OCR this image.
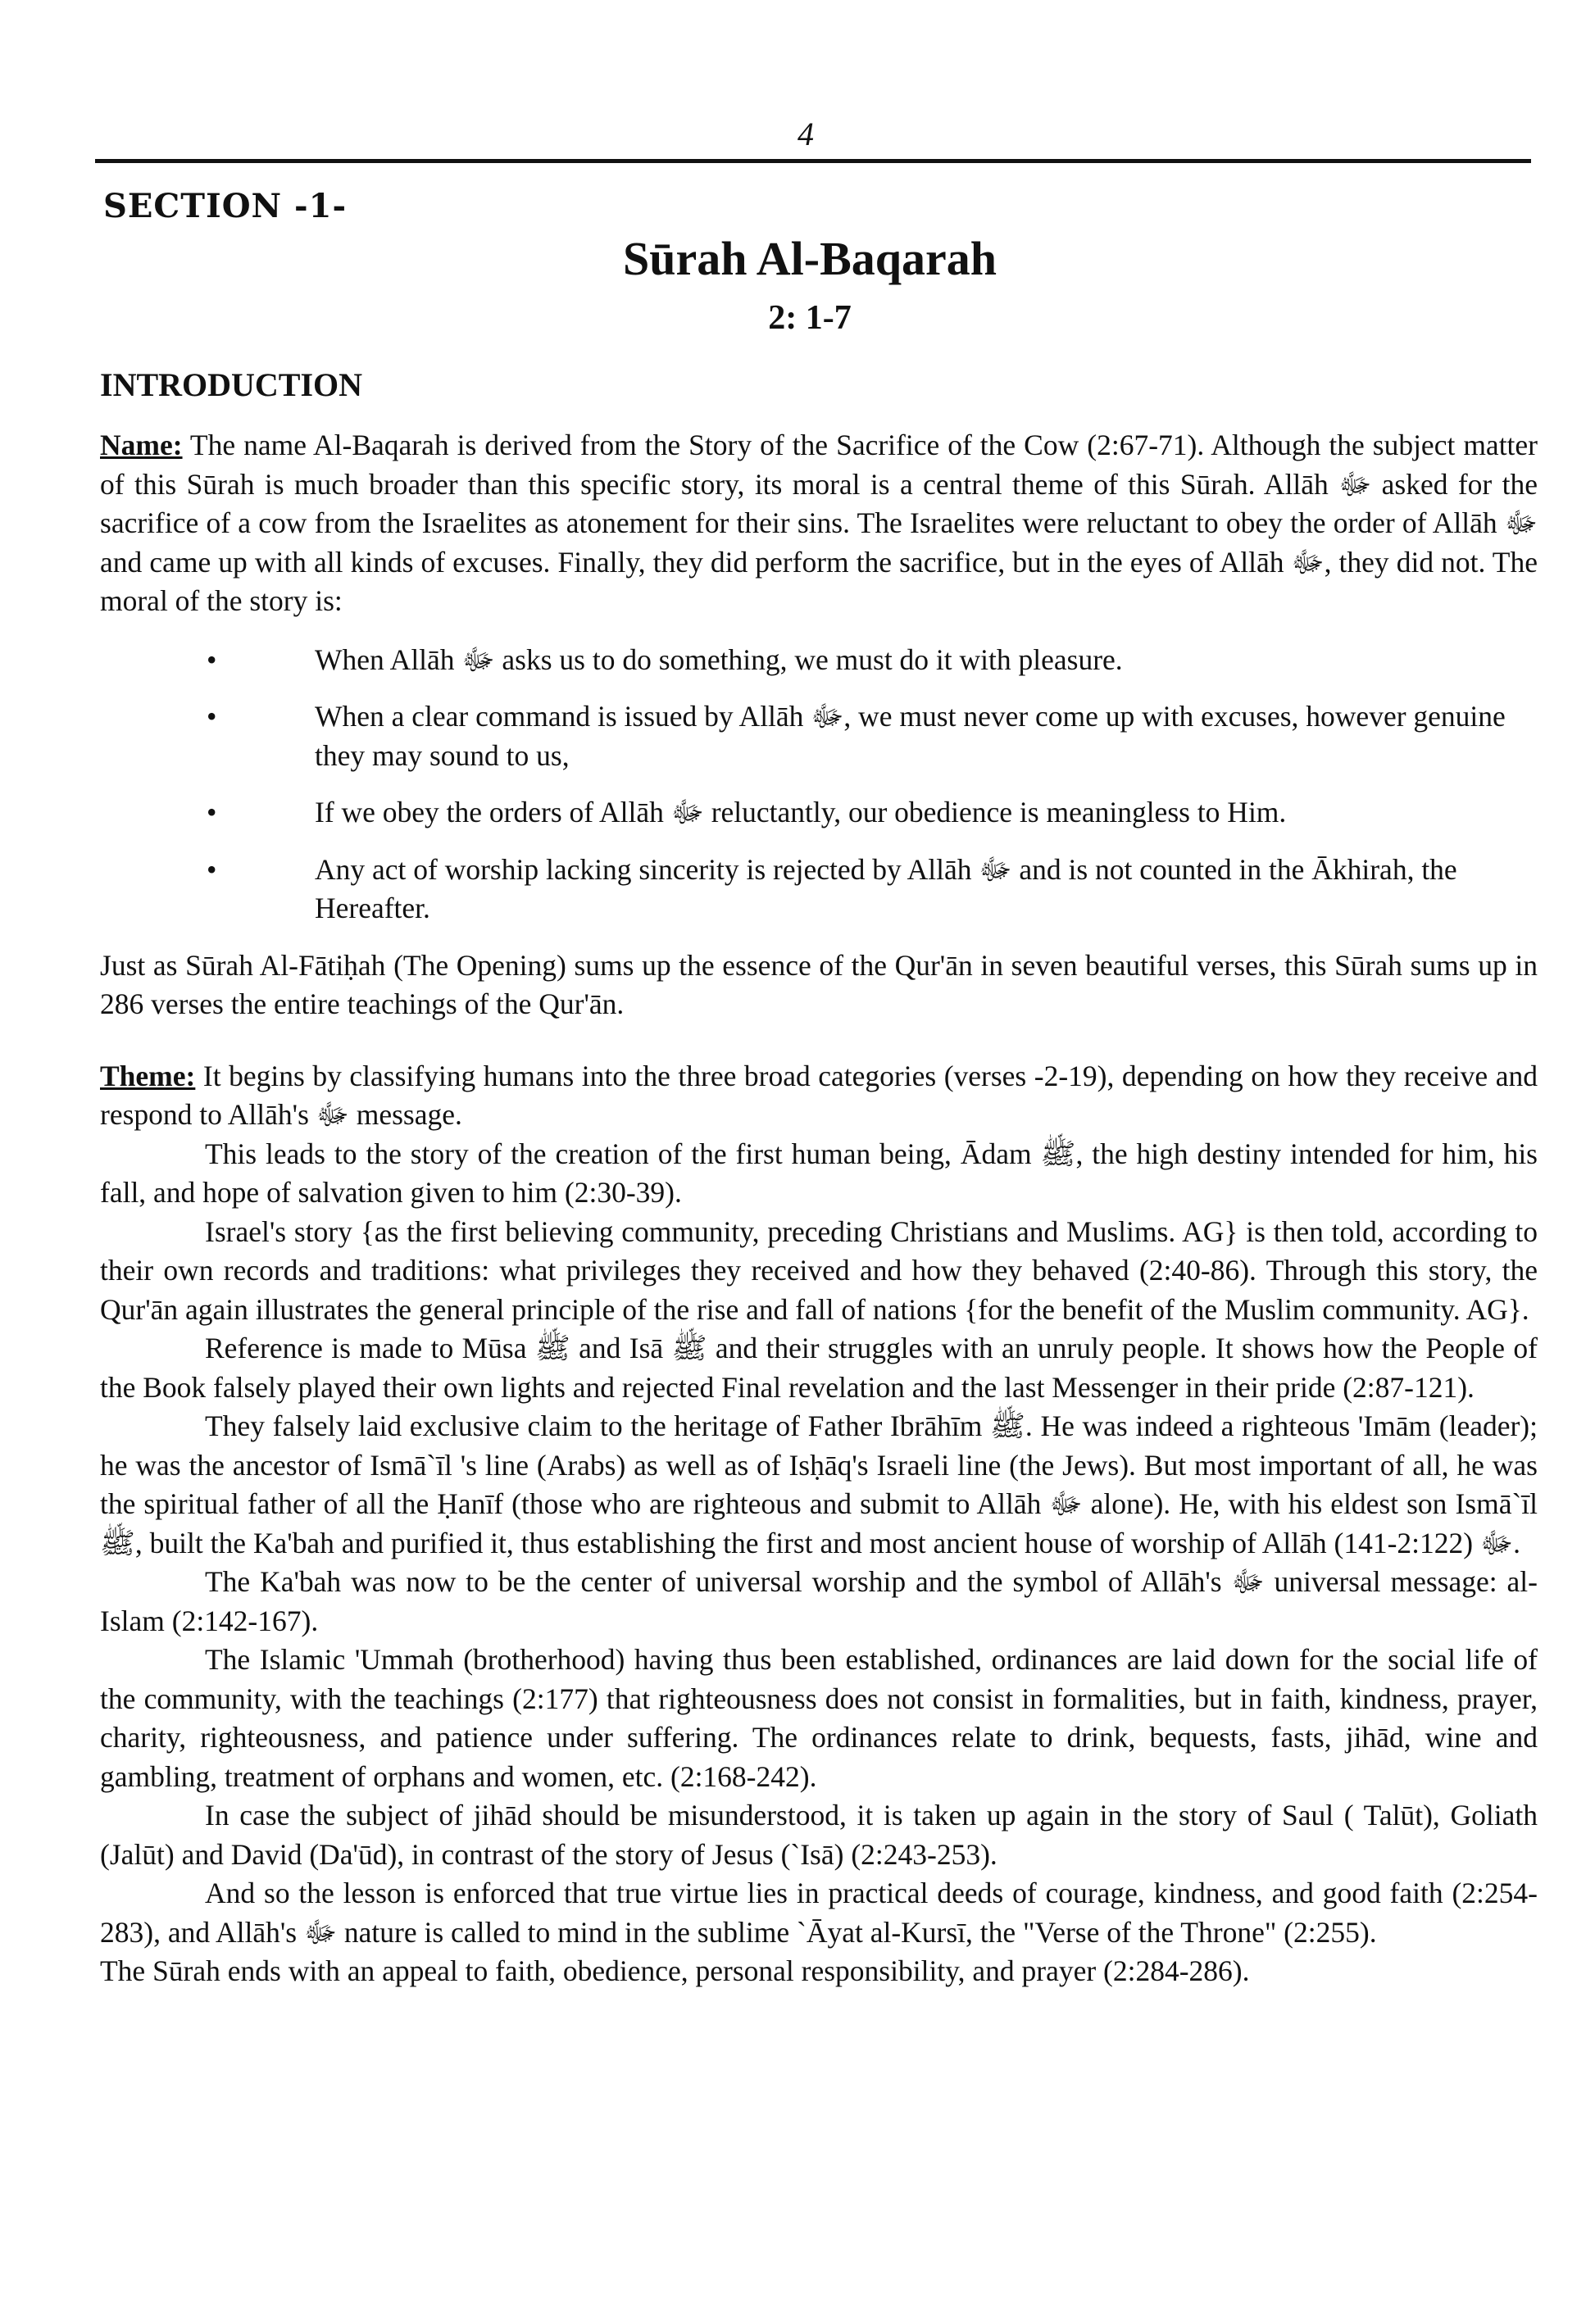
4
SECTION -1-
Sūrah Al-Baqarah
2: 1-7
INTRODUCTION

Name: The name Al-Baqarah is derived from the Story of the Sacrifice of the Cow (2:67-71). Although the subject matter of this Sūrah is much broader than this specific story, its moral is a central theme of this Sūrah. Allāh ﷻ asked for the sacrifice of a cow from the Israelites as atonement for their sins. The Israelites were reluctant to obey the order of Allāh ﷻ and came up with all kinds of excuses. Finally, they did perform the sacrifice, but in the eyes of Allāh ﷻ, they did not. The moral of the story is:

•	When Allāh ﷻ asks us to do something, we must do it with pleasure.
•	When a clear command is issued by Allāh ﷻ, we must never come up with excuses, however genuine they may sound to us,
•	If we obey the orders of Allāh ﷻ reluctantly, our obedience is meaningless to Him.
•	Any act of worship lacking sincerity is rejected by Allāh ﷻ and is not counted in the Ākhirah, the Hereafter.

Just as Sūrah Al-Fātiḥah (The Opening) sums up the essence of the Qur'ān in seven beautiful verses, this Sūrah sums up in 286 verses the entire teachings of the Qur'ān.

Theme: It begins by classifying humans into the three broad categories (verses -2-19), depending on how they receive and respond to Allāh's ﷻ message.

This leads to the story of the creation of the first human being, Ādam ﷺ, the high destiny intended for him, his fall, and hope of salvation given to him (2:30-39).

Israel's story {as the first believing community, preceding Christians and Muslims. AG} is then told, according to their own records and traditions: what privileges they received and how they behaved (2:40-86). Through this story, the Qur'ān again illustrates the general principle of the rise and fall of nations {for the benefit of the Muslim community. AG}.

Reference is made to Mūsa ﷺ and Isā ﷺ and their struggles with an unruly people. It shows how the People of the Book falsely played their own lights and rejected Final revelation and the last Messenger in their pride (2:87-121).

They falsely laid exclusive claim to the heritage of Father Ibrāhīm ﷺ. He was indeed a righteous 'Imām (leader); he was the ancestor of Ismā`īl 's line (Arabs) as well as of Isḥāq's Israeli line (the Jews). But most important of all, he was the spiritual father of all the Ḥanīf (those who are righteous and submit to Allāh ﷻ alone). He, with his eldest son Ismā`īl ﷺ, built the Ka'bah and purified it, thus establishing the first and most ancient house of worship of Allāh ﷻ (2:122-141).

The Ka'bah was now to be the center of universal worship and the symbol of Allāh's ﷻ universal message: al-Islam (2:142-167).

The Islamic 'Ummah (brotherhood) having thus been established, ordinances are laid down for the social life of the community, with the teachings (2:177) that righteousness does not consist in formalities, but in faith, kindness, prayer, charity, righteousness, and patience under suffering. The ordinances relate to drink, bequests, fasts, jihād, wine and gambling, treatment of orphans and women, etc. (2:168-242).

In case the subject of jihād should be misunderstood, it is taken up again in the story of Saul ( Talūt), Goliath (Jalūt) and David (Da'ūd), in contrast of the story of Jesus (`Isā) (2:243-253).

And so the lesson is enforced that true virtue lies in practical deeds of courage, kindness, and good faith (2:254-283), and Allāh's ﷻ nature is called to mind in the sublime `Āyat al-Kursī, the "Verse of the Throne" (2:255).

The Sūrah ends with an appeal to faith, obedience, personal responsibility, and prayer (2:284-286).
